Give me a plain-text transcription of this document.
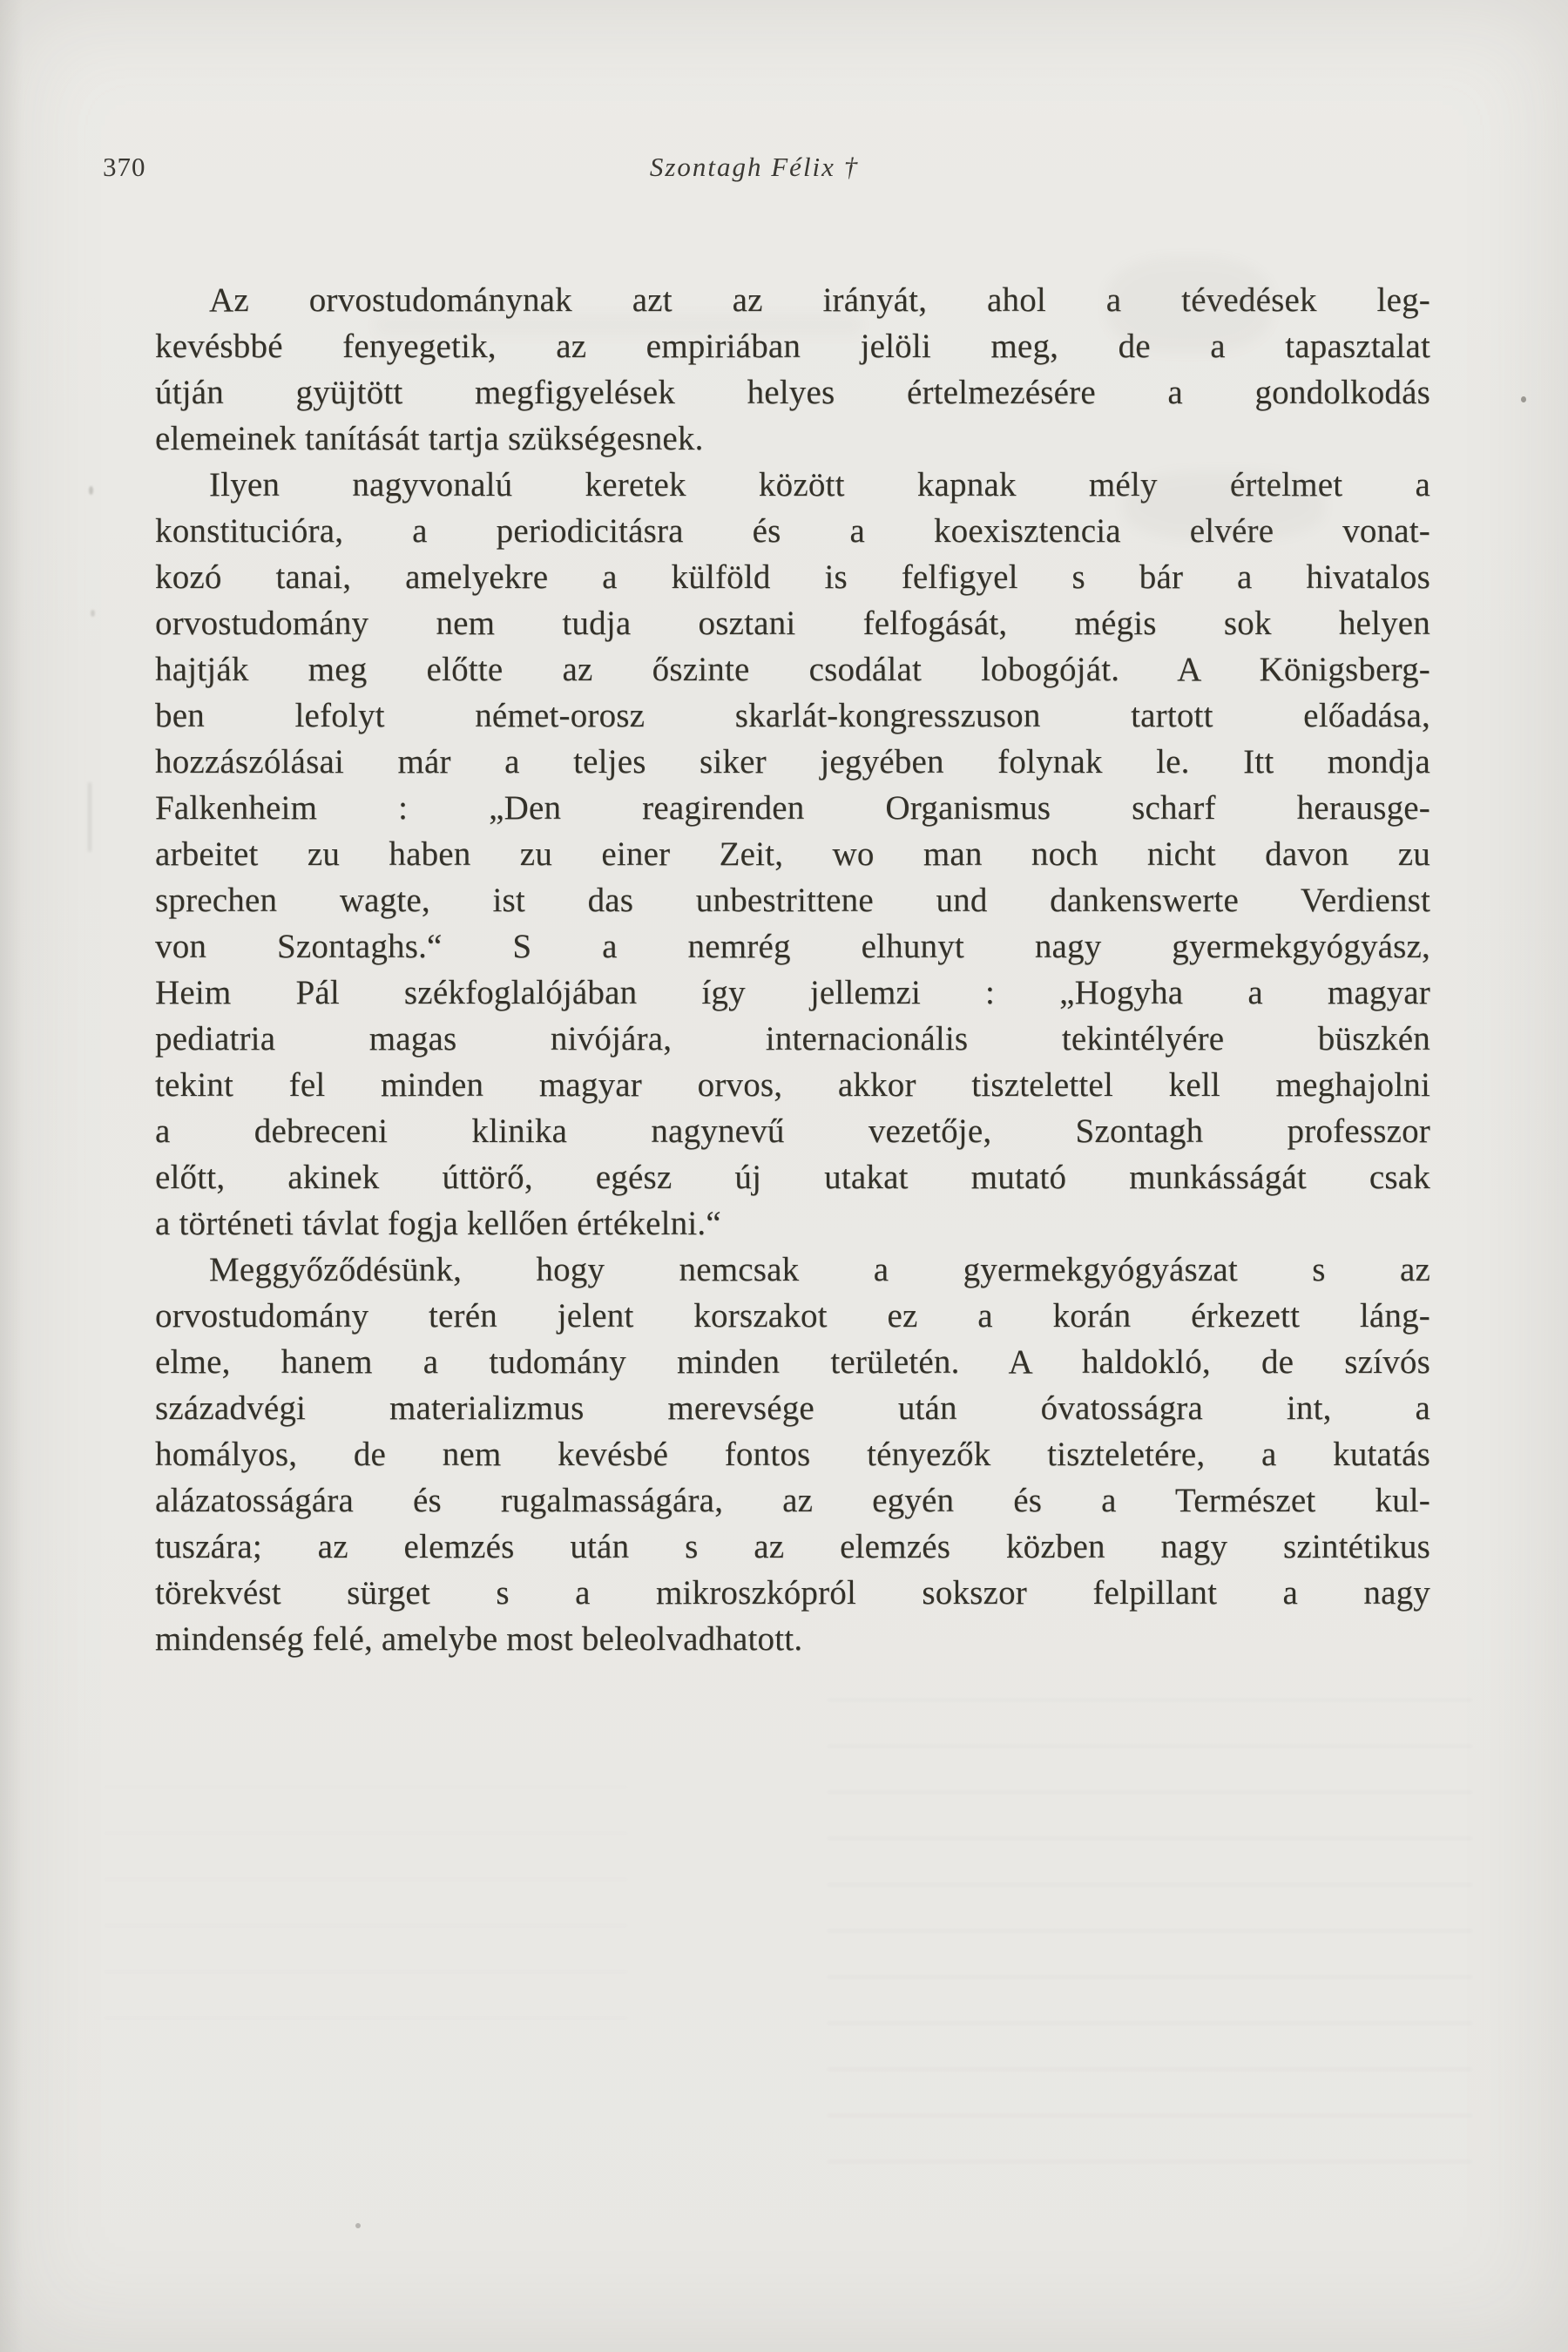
370	Szontagh Félix †
Az orvostudománynak azt az irányát, ahol a tévedések leg-
kevésbbé fenyegetik, az empiriában jelöli meg, de a tapasztalat
útján gyüjtött megfigyelések helyes értelmezésére a gondolkodás
elemeinek tanítását tartja szükségesnek.
Ilyen nagyvonalú keretek között kapnak mély értelmet a
konstitucióra, a periodicitásra és a koexisztencia elvére vonat-
kozó tanai, amelyekre a külföld is felfigyel s bár a hivatalos
orvostudomány nem tudja osztani felfogását, mégis sok helyen
hajtják meg előtte az őszinte csodálat lobogóját. A Königsberg-
ben lefolyt német-orosz skarlát-kongresszuson tartott előadása,
hozzászólásai már a teljes siker jegyében folynak le. Itt mondja
Falkenheim : „Den reagirenden Organismus scharf herausge-
arbeitet zu haben zu einer Zeit, wo man noch nicht davon zu
sprechen wagte, ist das unbestrittene und dankenswerte Verdienst
von Szontaghs.“ S a nemrég elhunyt nagy gyermekgyógyász,
Heim Pál székfoglalójában így jellemzi : „Hogyha a magyar
pediatria magas nivójára, internacionális tekintélyére büszkén
tekint fel minden magyar orvos, akkor tisztelettel kell meghajolni
a debreceni klinika nagynevű vezetője, Szontagh professzor
előtt, akinek úttörő, egész új utakat mutató munkásságát csak
a történeti távlat fogja kellően értékelni.“
Meggyőződésünk, hogy nemcsak a gyermekgyógyászat s az
orvostudomány terén jelent korszakot ez a korán érkezett láng-
elme, hanem a tudomány minden területén. A haldokló, de szívós
századvégi materializmus merevsége után óvatosságra int, a
homályos, de nem kevésbé fontos tényezők tiszteletére, a kutatás
alázatosságára és rugalmasságára, az egyén és a Természet kul-
tuszára; az elemzés után s az elemzés közben nagy szintétikus
törekvést sürget s a mikroszkópról sokszor felpillant a nagy
mindenség felé, amelybe most beleolvadhatott.
